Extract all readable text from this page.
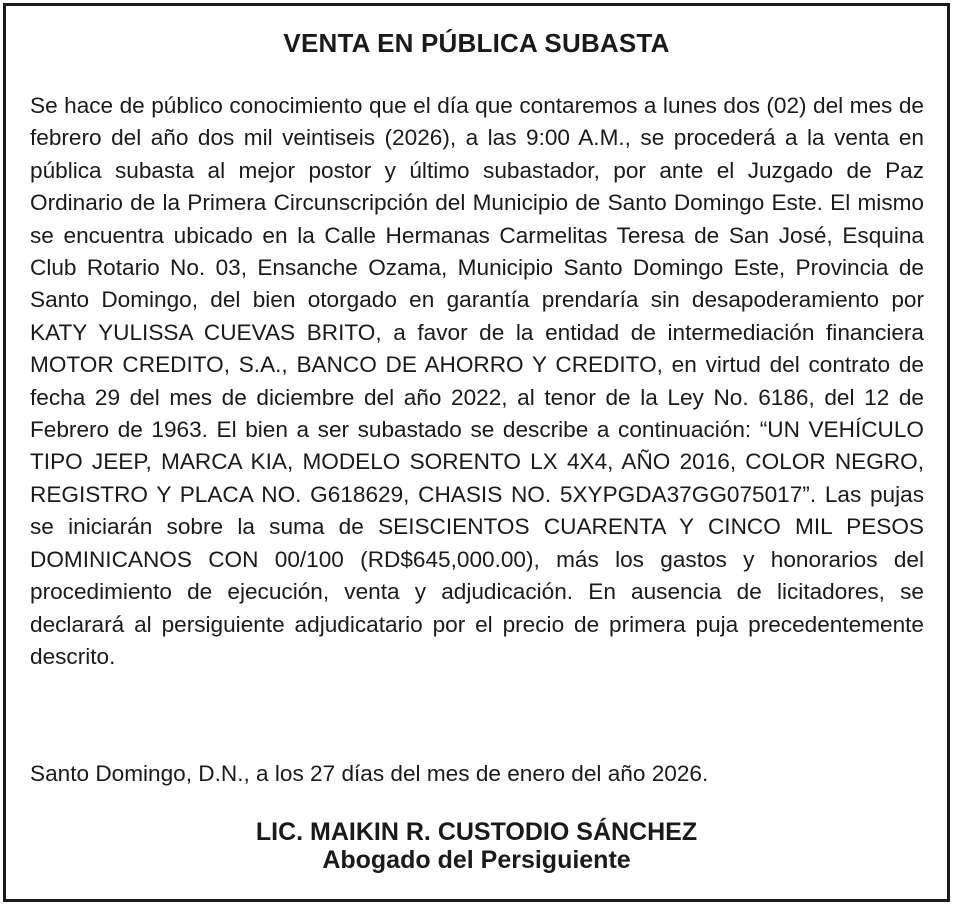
VENTA EN PÚBLICA SUBASTA

Se hace de público conocimiento que el día que contaremos a lunes dos (02) del mes de febrero del año dos mil veintiseis (2026), a las 9:00 A.M., se procederá a la venta en pública subasta al mejor postor y último subastador, por ante el Juzgado de Paz Ordinario de la Primera Circunscripción del Municipio de Santo Domingo Este. El mismo se encuentra ubicado en la Calle Hermanas Carmelitas Teresa de San José, Esquina Club Rotario No. 03, Ensanche Ozama, Municipio Santo Domingo Este, Provincia de Santo Domingo, del bien otorgado en garantía prendaría sin desapoderamiento por KATY YULISSA CUEVAS BRITO, a favor de la entidad de intermediación financiera MOTOR CREDITO, S.A., BANCO DE AHORRO Y CREDITO, en virtud del contrato de fecha 29 del mes de diciembre del año 2022, al tenor de la Ley No. 6186, del 12 de Febrero de 1963. El bien a ser subastado se describe a continuación: “UN VEHÍCULO TIPO JEEP, MARCA KIA, MODELO SORENTO LX 4X4, AÑO 2016, COLOR NEGRO, REGISTRO Y PLACA NO. G618629, CHASIS NO. 5XYPGDA37GG075017”. Las pujas se iniciarán sobre la suma de SEISCIENTOS CUARENTA Y CINCO MIL PESOS DOMINICANOS CON 00/100 (RD$645,000.00), más los gastos y honorarios del procedimiento de ejecución, venta y adjudicación. En ausencia de licitadores, se declarará al persiguiente adjudicatario por el precio de primera puja precedentemente descrito.

Santo Domingo, D.N., a los 27 días del mes de enero del año 2026.

LIC. MAIKIN R. CUSTODIO SÁNCHEZ
Abogado del Persiguiente
